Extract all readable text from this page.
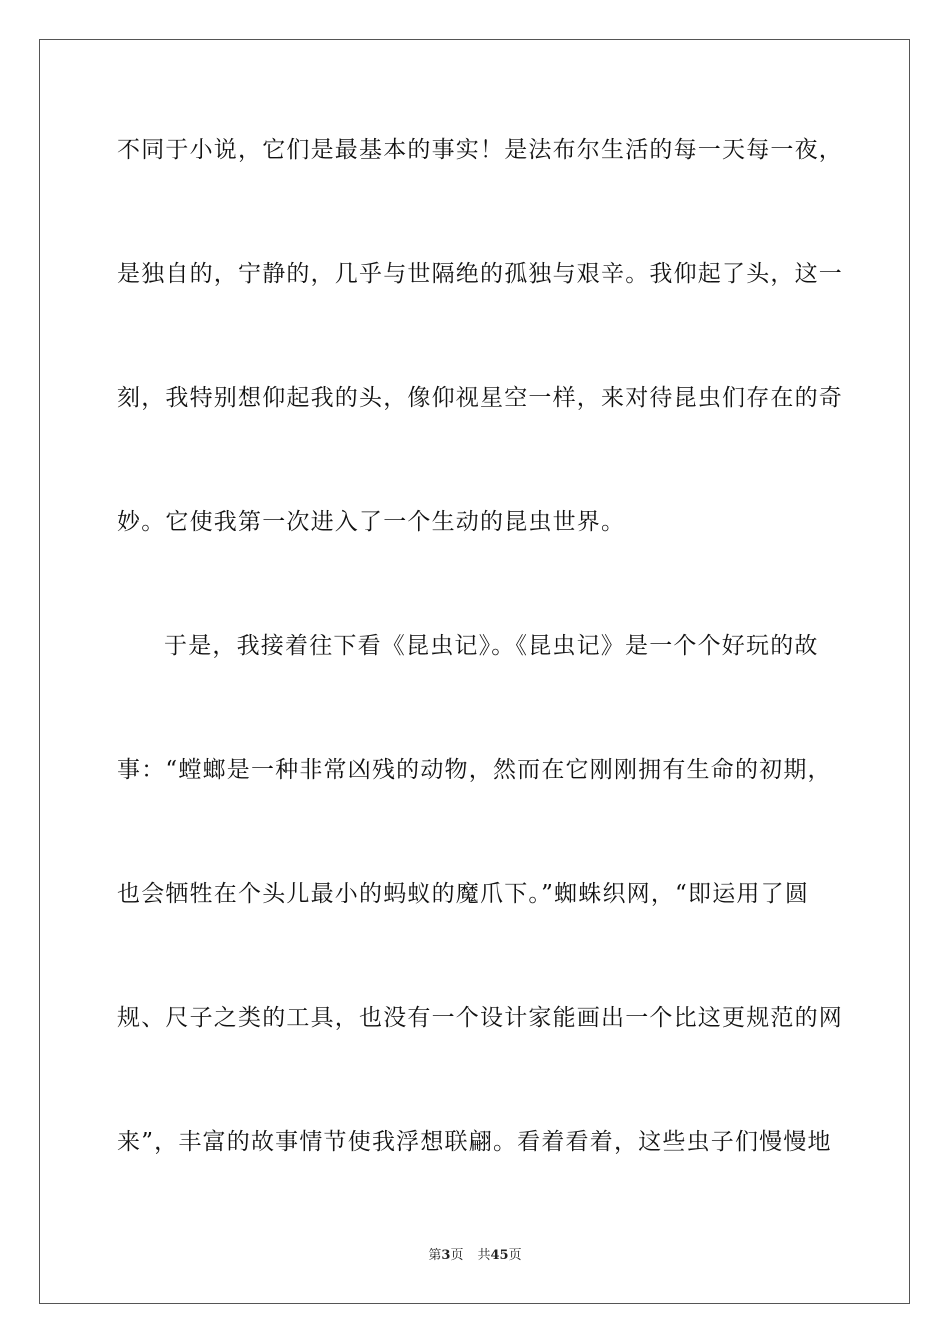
不同于小说，它们是最基本的事实！是法布尔生活的每一天每一夜，
是独自的，宁静的，几乎与世隔绝的孤独与艰辛。我仰起了头，这一
刻，我特别想仰起我的头，像仰视星空一样，来对待昆虫们存在的奇
妙。它使我第一次进入了一个生动的昆虫世界。
于是，我接着往下看《昆虫记》。《昆虫记》是一个个好玩的故
事：“螳螂是一种非常凶残的动物，然而在它刚刚拥有生命的初期，
也会牺牲在个头儿最小的蚂蚁的魔爪下。”蜘蛛织网，“即运用了圆
规、尺子之类的工具，也没有一个设计家能画出一个比这更规范的网
来”，丰富的故事情节使我浮想联翩。看着看着，这些虫子们慢慢地
第3页 共45页
